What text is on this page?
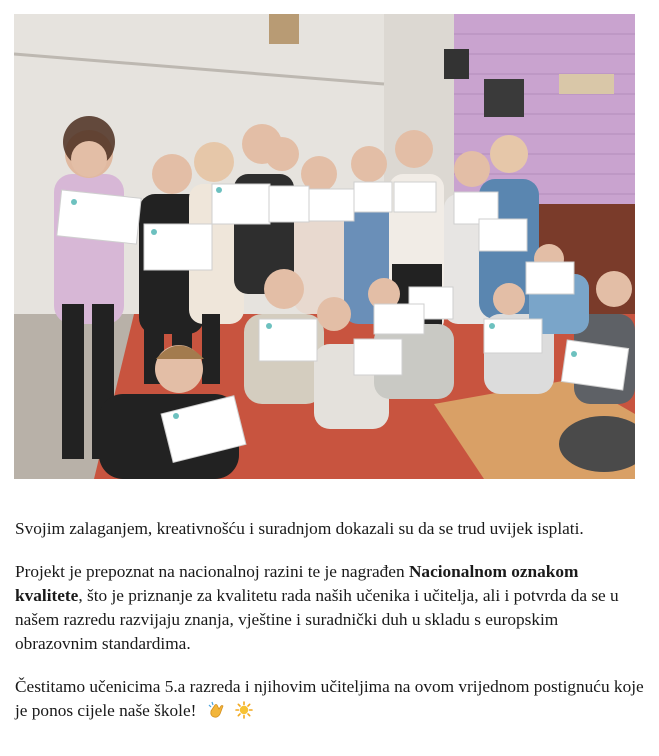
Svojim zalaganjem, kreativnošću i suradnjom dokazali su da se trud uvijek isplati.

Projekt je prepoznat na nacionalnoj razini te je nagrađen Nacionalnom oznakom kvalitete, što je priznanje za kvalitetu rada naših učenika i učitelja, ali i potvrda da se u našem razredu razvijaju znanja, vještine i suradnički duh u skladu s europskim obrazovnim standardima.

Čestitamo učenicima 5.a razreda i njihovim učiteljima na ovom vrijednom postignuću koje je ponos cijele naše škole!
